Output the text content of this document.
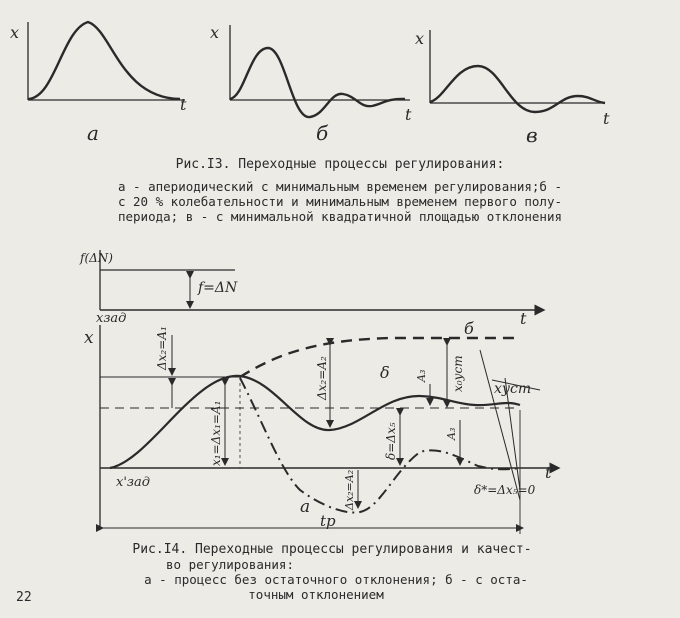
x
t
а
x
t
б
x
t
в
f(ΔN)
f=ΔN
xзад	t
x
t
x'зад
Δx₂=A₁
x₁=Δx₁=A₁
Δx₂=A₂
δ=Δx₅
A₃
A₃
x₀уст
Δx₂=A₂
xуст
δ
б
а
tр
δ*=Δx₅=0
Рис.I3. Переходные процессы регулирования:
а - апериодический с минимальным временем регулирования;б -
с 20 % колебательности и минимальным временем первого полу-
периода; в - с минимальной квадратичной площадью отклонения
Рис.I4. Переходные процессы регулирования и качест-
во регулирования:
а - процесс без остаточного отклонения; б - с оста-
точным отклонением
22
